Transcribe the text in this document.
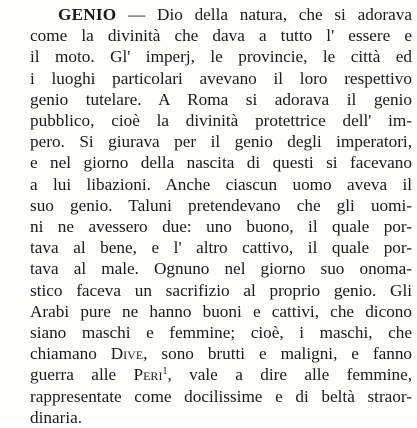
GENIO — Dio della natura, che si adorava
come la divinità che dava a tutto l' essere e
il moto. Gl' imperj, le provincie, le città ed
i luoghi particolari avevano il loro respettivo
genio tutelare. A Roma si adorava il genio
pubblico, cioè la divinità protettrice dell' im-
pero. Si giurava per il genio degli imperatori,
e nel giorno della nascita di questi si facevano
a lui libazioni. Anche ciascun uomo aveva il
suo genio. Taluni pretendevano che gli uomi-
ni ne avessero due: uno buono, il quale por-
tava al bene, e l' altro cattivo, il quale por-
tava al male. Ognuno nel giorno suo onoma-
stico faceva un sacrifizio al proprio genio. Gli
Arabi pure ne hanno buoni e cattivi, che dicono
siano maschi e femmine; cioè, i maschi, che
chiamano Dive, sono brutti e maligni, e fanno
guerra alle Peri$^1$, vale a dire alle femmine,
rappresentate come docilissime e di beltà straor-
dinaria.
